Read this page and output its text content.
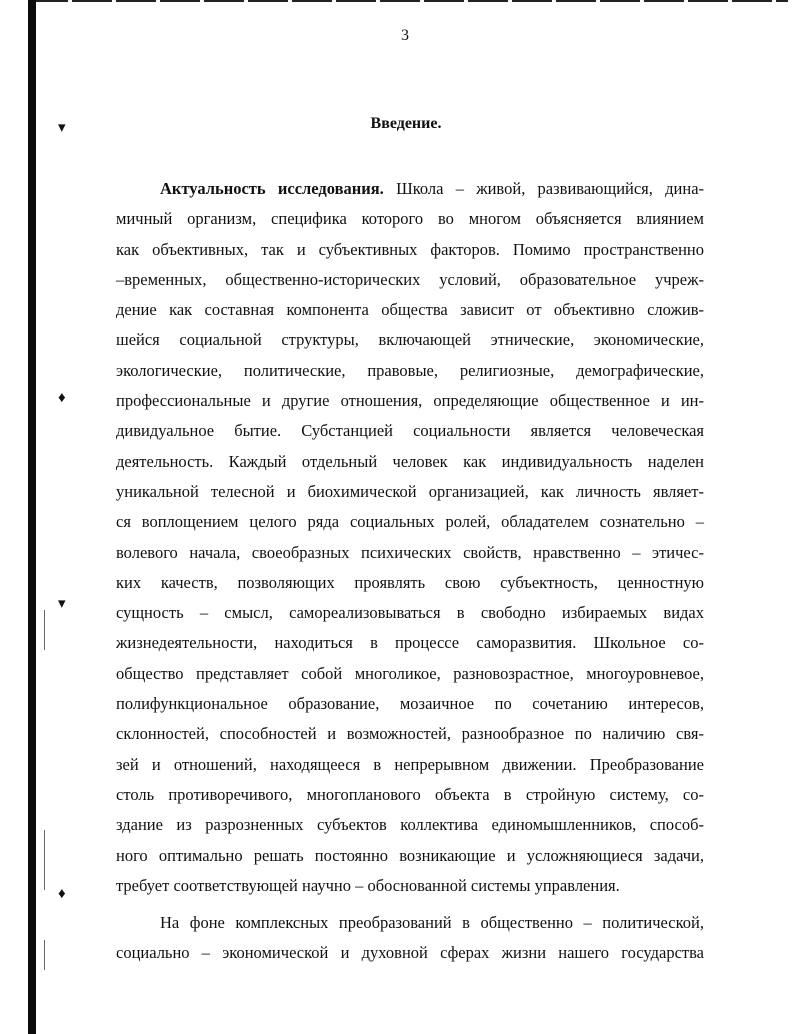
▾
♦
▾
♦
3
Введение.
Актуальность исследования. Школа – живой, развивающийся, дина-
мичный организм, специфика которого во многом объясняется влиянием
как объективных, так и субъективных факторов. Помимо пространственно
–временных, общественно-исторических условий, образовательное учреж-
дение как составная компонента общества зависит от объективно сложив-
шейся социальной структуры, включающей этнические, экономические,
экологические, политические, правовые, религиозные, демографические,
профессиональные и другие отношения, определяющие общественное и ин-
дивидуальное бытие. Субстанцией социальности является человеческая
деятельность. Каждый отдельный человек как индивидуальность наделен
уникальной телесной и биохимической организацией, как личность являет-
ся воплощением целого ряда социальных ролей, обладателем сознательно –
волевого начала, своеобразных психических свойств, нравственно – этичес-
ких качеств, позволяющих проявлять свою субъектность, ценностную
сущность – смысл, самореализовываться в свободно избираемых видах
жизнедеятельности, находиться в процессе саморазвития. Школьное со-
общество представляет собой многоликое, разновозрастное, многоуровневое,
полифункциональное образование, мозаичное по сочетанию интересов,
склонностей, способностей и возможностей, разнообразное по наличию свя-
зей и отношений, находящееся в непрерывном движении. Преобразование
столь противоречивого, многопланового объекта в стройную систему, со-
здание из разрозненных субъектов коллектива единомышленников, способ-
ного оптимально решать постоянно возникающие и усложняющиеся задачи,
требует соответствующей научно – обоснованной системы управления.
На фоне комплексных преобразований в общественно – политической,
социально – экономической и духовной сферах жизни нашего государства
